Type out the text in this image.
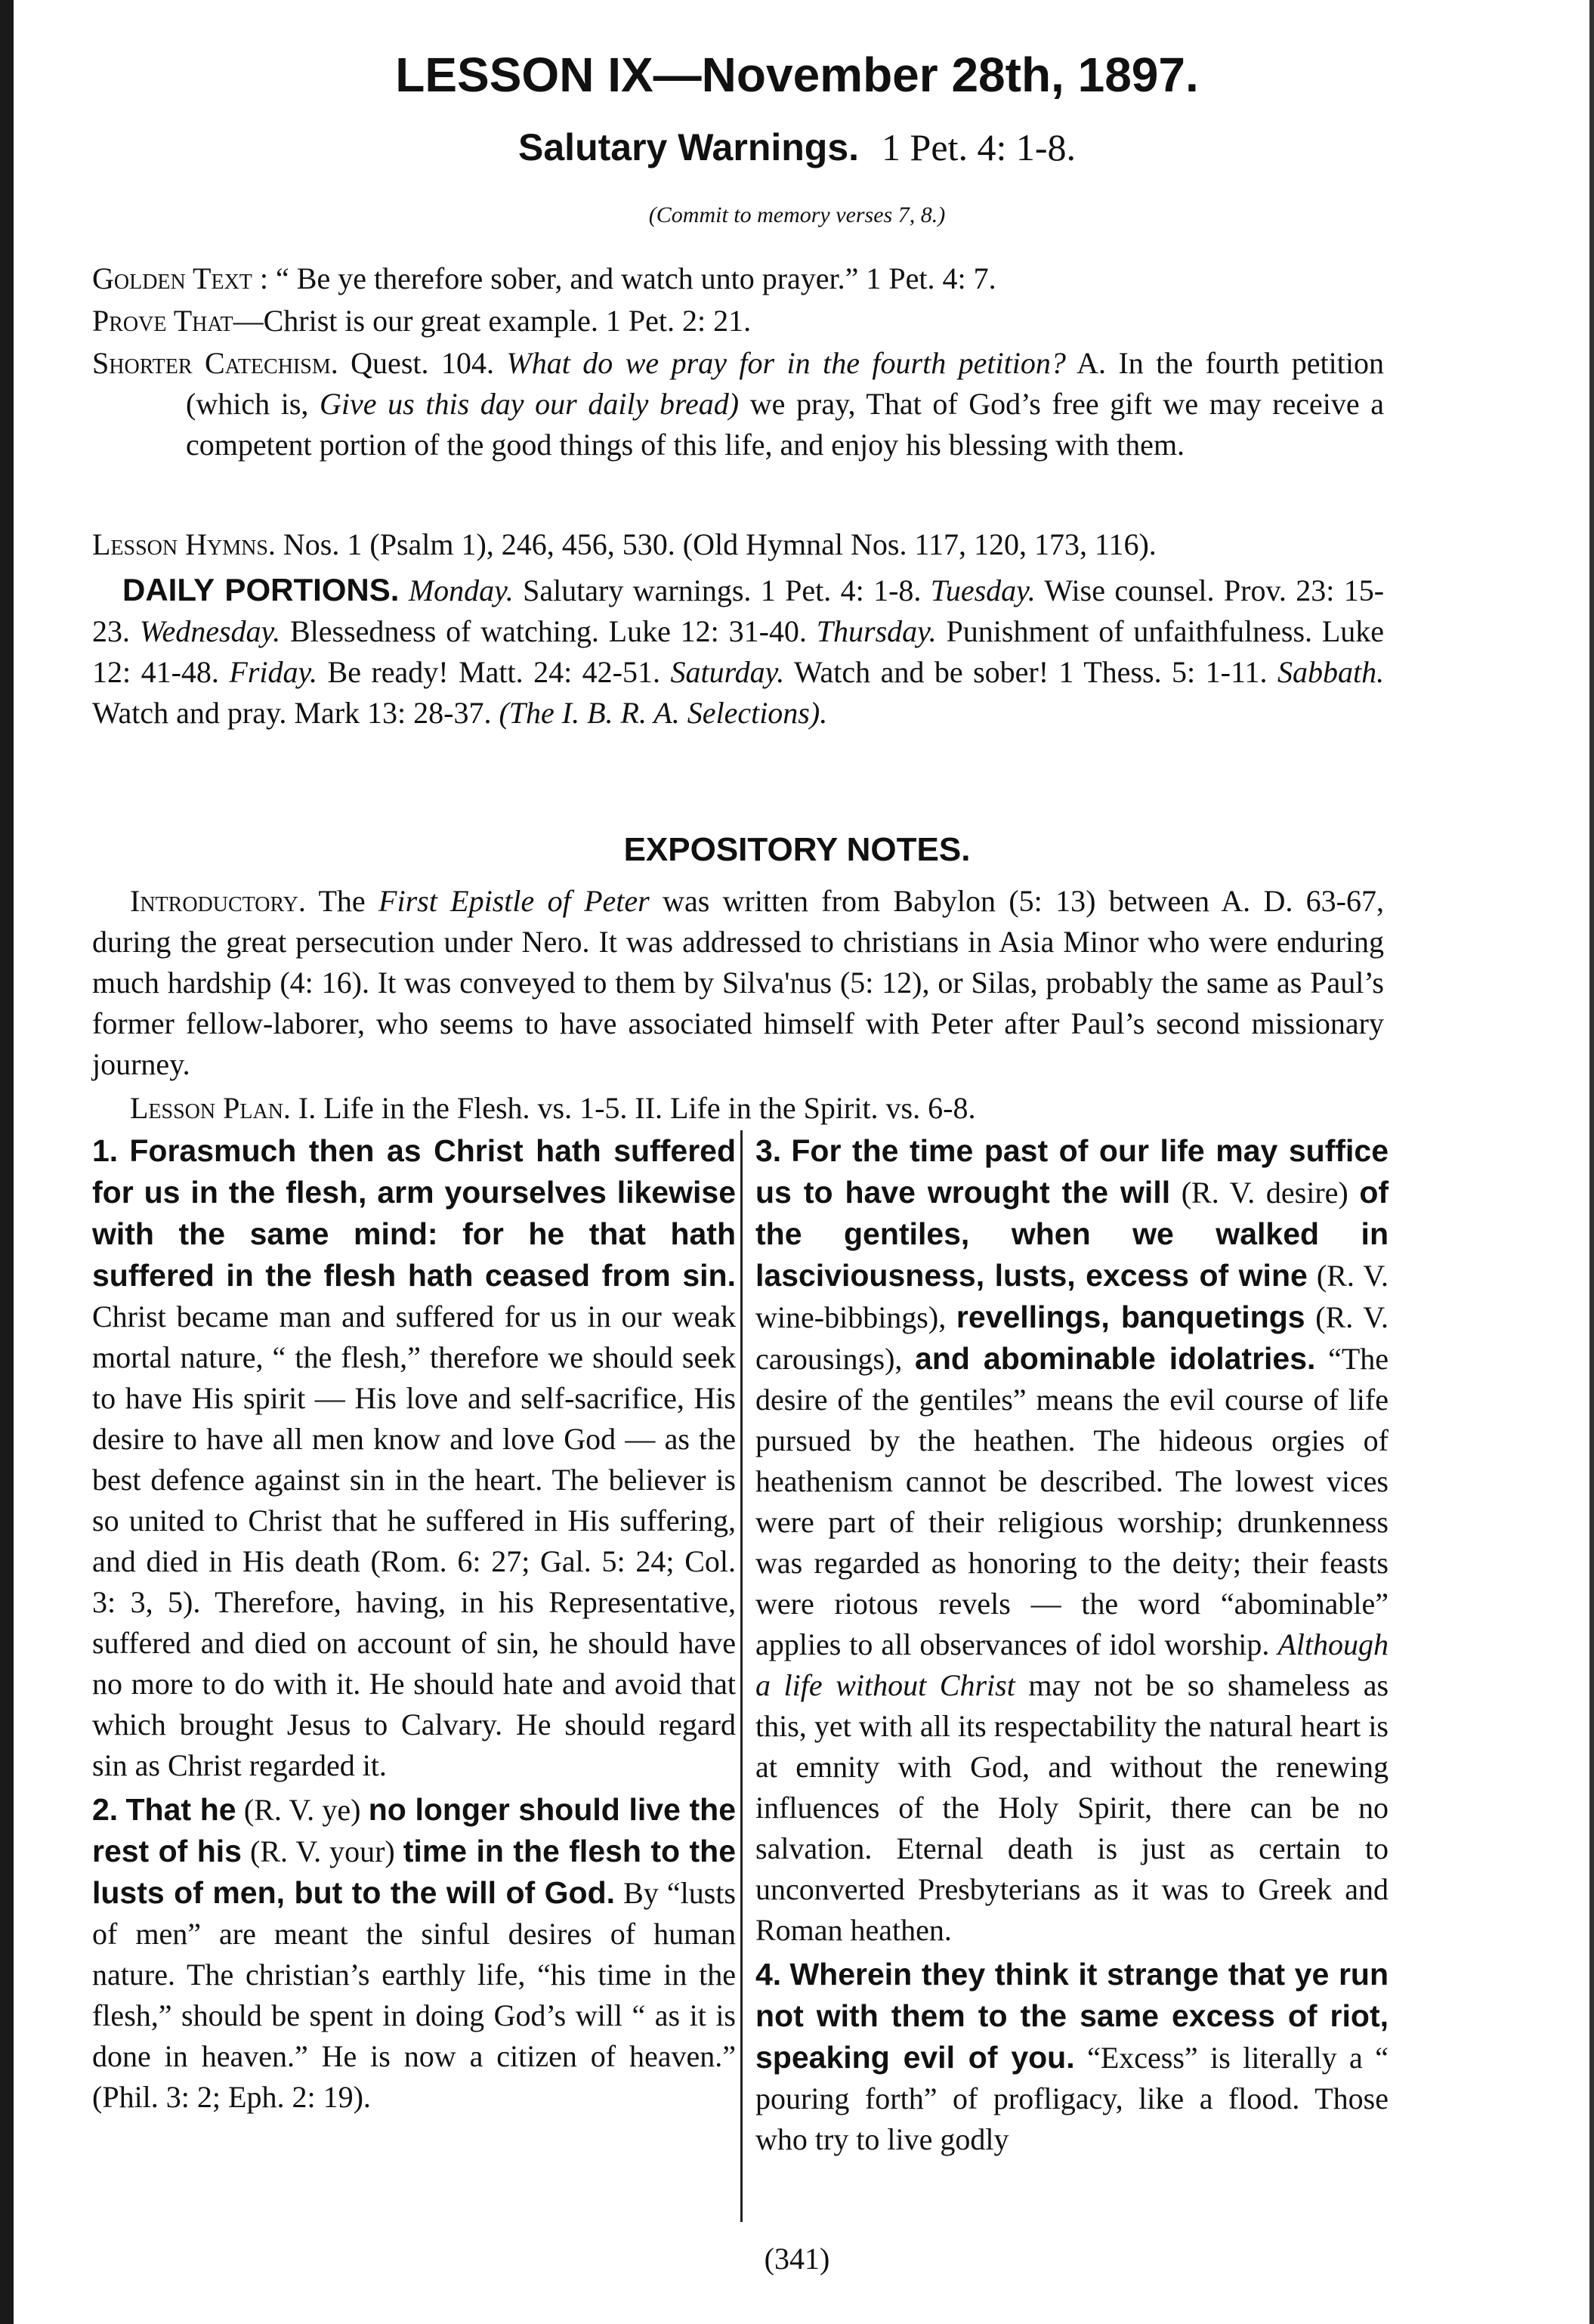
LESSON IX—November 28th, 1897.
Salutary Warnings. 1 Pet. 4: 1-8.
(Commit to memory verses 7, 8.)

Golden Text : “ Be ye therefore sober, and watch unto prayer.” 1 Pet. 4: 7.

Prove That—Christ is our great example. 1 Pet. 2: 21.

Shorter Catechism. Quest. 104. What do we pray for in the fourth petition? A. In the fourth petition (which is, Give us this day our daily bread) we pray, That of God’s free gift we may receive a competent portion of the good things of this life, and enjoy his blessing with them.

Lesson Hymns. Nos. 1 (Psalm 1), 246, 456, 530. (Old Hymnal Nos. 117, 120, 173, 116).

DAILY PORTIONS. Monday. Salutary warnings. 1 Pet. 4: 1-8. Tuesday. Wise counsel. Prov. 23: 15-23. Wednesday. Blessedness of watching. Luke 12: 31-40. Thursday. Punishment of unfaithfulness. Luke 12: 41-48. Friday. Be ready! Matt. 24: 42-51. Saturday. Watch and be sober! 1 Thess. 5: 1-11. Sabbath. Watch and pray. Mark 13: 28-37. (The I. B. R. A. Selections).
EXPOSITORY NOTES.
Introductory. The First Epistle of Peter was written from Babylon (5: 13) between A. D. 63-67, during the great persecution under Nero. It was addressed to christians in Asia Minor who were enduring much hardship (4: 16). It was conveyed to them by Silva'nus (5: 12), or Silas, probably the same as Paul’s former fellow-laborer, who seems to have associated himself with Peter after Paul’s second missionary journey.
Lesson Plan. I. Life in the Flesh. vs. 1-5. II. Life in the Spirit. vs. 6-8.

1. Forasmuch then as Christ hath suffered for us in the flesh, arm yourselves likewise with the same mind: for he that hath suffered in the flesh hath ceased from sin. Christ became man and suffered for us in our weak mortal nature, “ the flesh,” therefore we should seek to have His spirit — His love and self-sacrifice, His desire to have all men know and love God — as the best defence against sin in the heart. The believer is so united to Christ that he suffered in His suffering, and died in His death (Rom. 6: 27; Gal. 5: 24; Col. 3: 3, 5). Therefore, having, in his Representative, suffered and died on account of sin, he should have no more to do with it. He should hate and avoid that which brought Jesus to Calvary. He should regard sin as Christ regarded it.

2. That he (R. V. ye) no longer should live the rest of his (R. V. your) time in the flesh to the lusts of men, but to the will of God. By “lusts of men” are meant the sinful desires of human nature. The christian’s earthly life, “his time in the flesh,” should be spent in doing God’s will “ as it is done in heaven.” He is now a citizen of heaven.” (Phil. 3: 2; Eph. 2: 19).

3. For the time past of our life may suffice us to have wrought the will (R. V. desire) of the gentiles, when we walked in lasciviousness, lusts, excess of wine (R. V. wine-bibbings), revellings, banquetings (R. V. carousings), and abominable idolatries. “The desire of the gentiles” means the evil course of life pursued by the heathen. The hideous orgies of heathenism cannot be described. The lowest vices were part of their religious worship; drunkenness was regarded as honoring to the deity; their feasts were riotous revels — the word “abominable” applies to all observances of idol worship. Although a life without Christ may not be so shameless as this, yet with all its respectability the natural heart is at emnity with God, and without the renewing influences of the Holy Spirit, there can be no salvation. Eternal death is just as certain to unconverted Presbyterians as it was to Greek and Roman heathen.

4. Wherein they think it strange that ye run not with them to the same excess of riot, speaking evil of you. “Excess” is literally a “ pouring forth” of profligacy, like a flood. Those who try to live godly

(341)
